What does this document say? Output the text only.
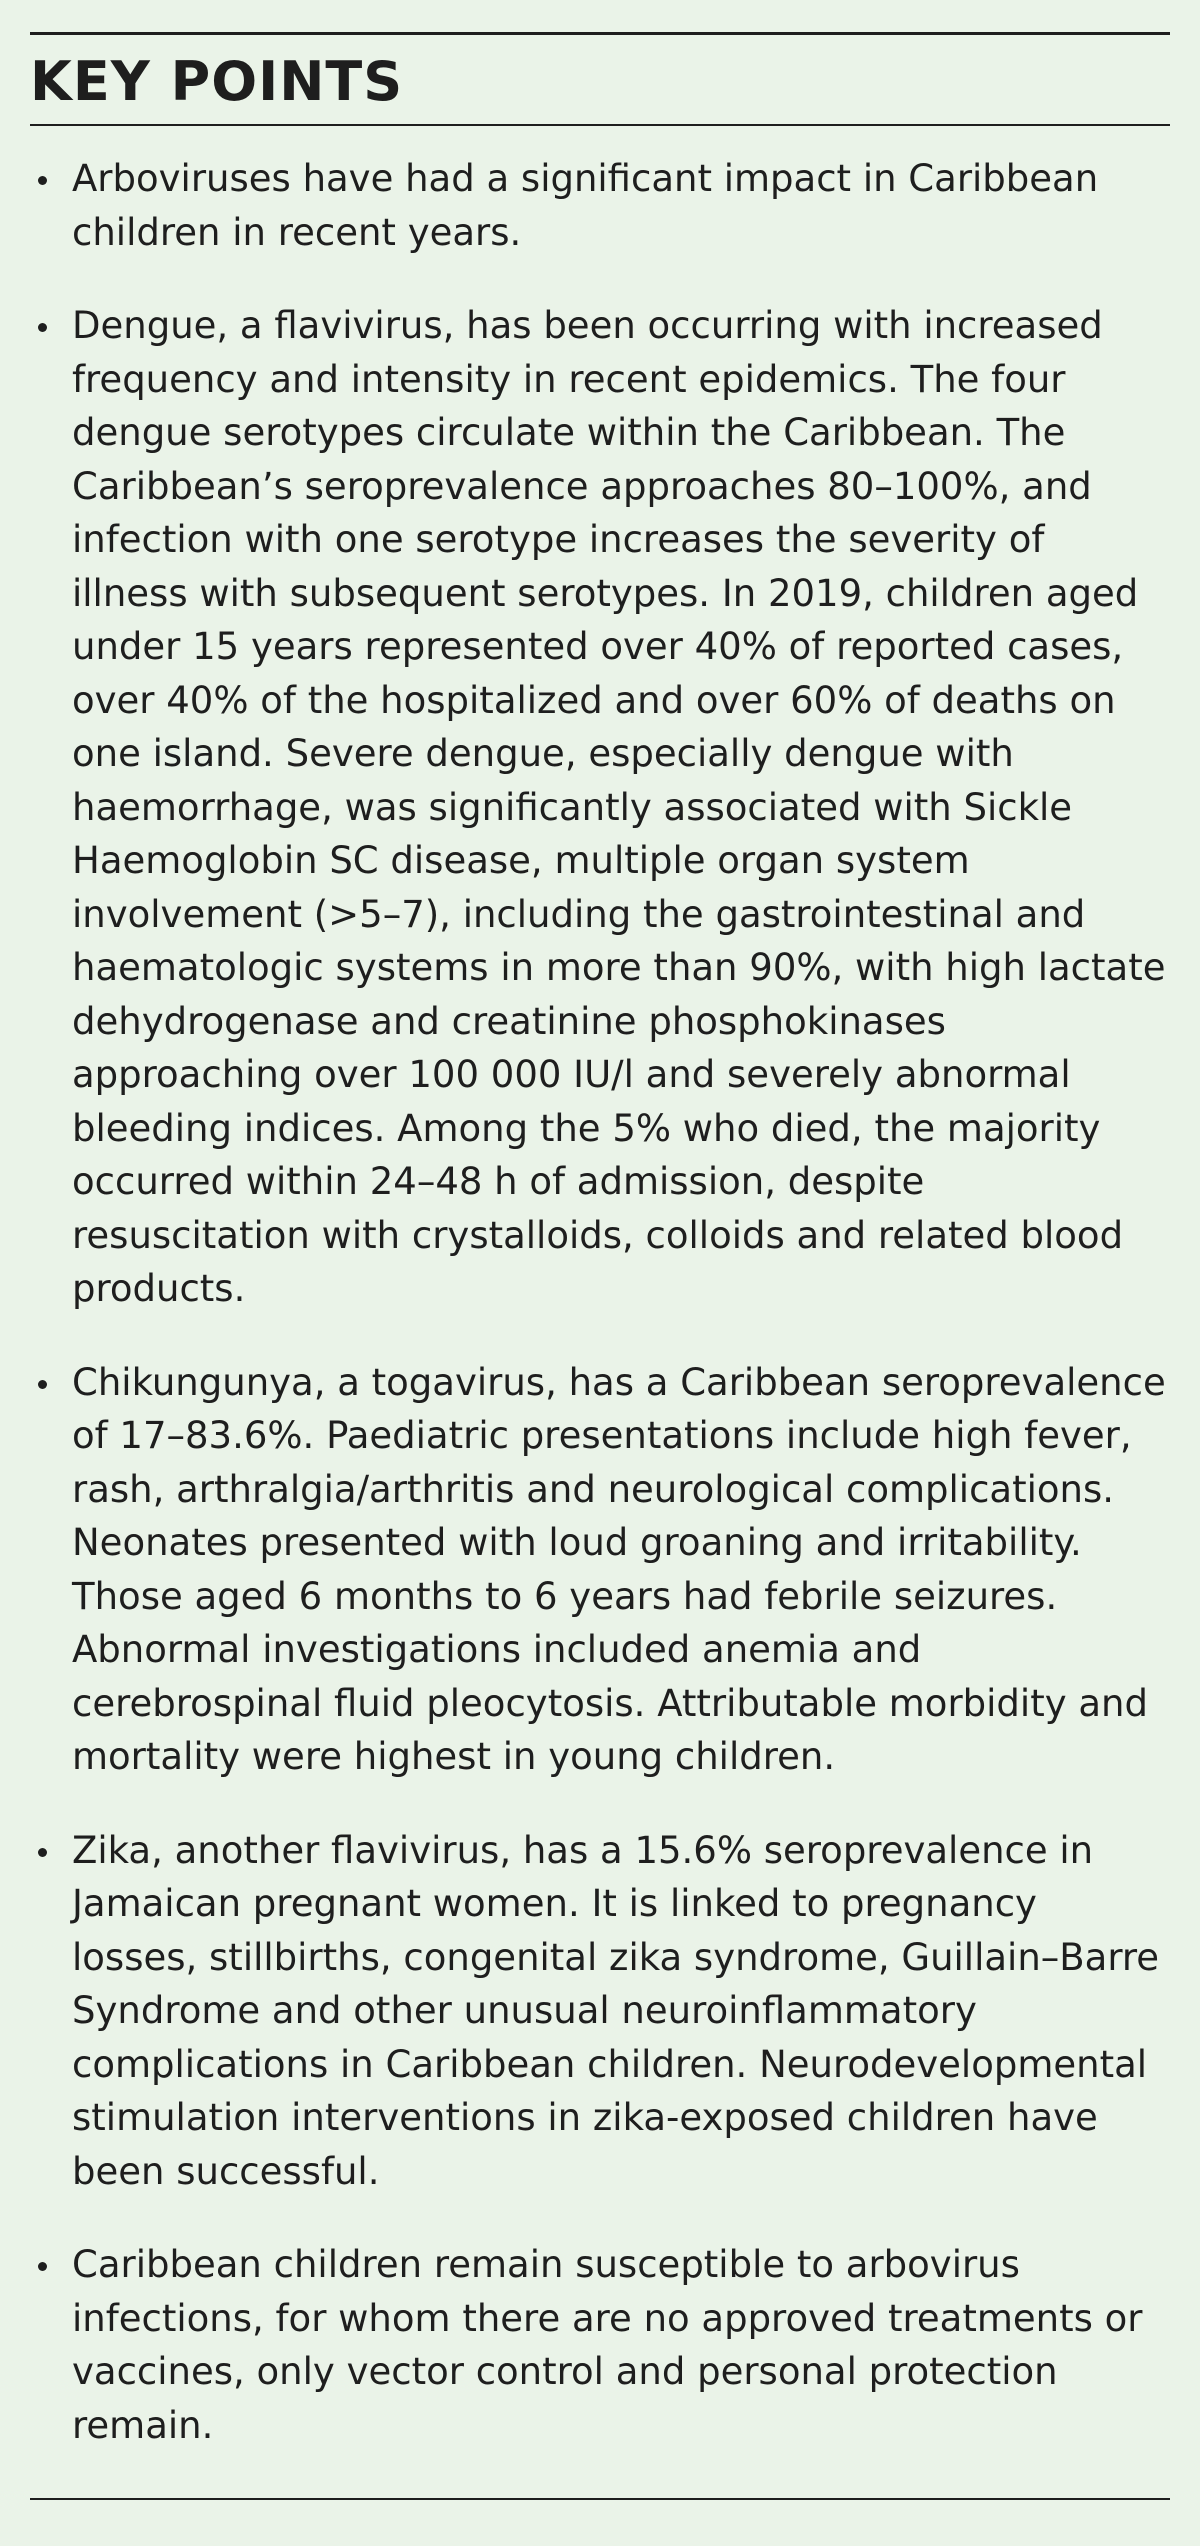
KEY POINTS
Arboviruses have had a significant impact in Caribbean children in recent years.
Dengue, a flavivirus, has been occurring with increased frequency and intensity in recent epidemics. The four dengue serotypes circulate within the Caribbean. The Caribbean’s seroprevalence approaches 80–100%, and infection with one serotype increases the severity of illness with subsequent serotypes. In 2019, children aged under 15 years represented over 40% of reported cases, over 40% of the hospitalized and over 60% of deaths on one island. Severe dengue, especially dengue with haemorrhage, was significantly associated with Sickle Haemoglobin SC disease, multiple organ system involvement (>5–7), including the gastrointestinal and haematologic systems in more than 90%, with high lactate dehydrogenase and creatinine phosphokinases approaching over 100 000 IU/l and severely abnormal bleeding indices. Among the 5% who died, the majority occurred within 24–48 h of admission, despite resuscitation with crystalloids, colloids and related blood products.
Chikungunya, a togavirus, has a Caribbean seroprevalence of 17–83.6%. Paediatric presentations include high fever, rash, arthralgia/arthritis and neurological complications. Neonates presented with loud groaning and irritability. Those aged 6 months to 6 years had febrile seizures. Abnormal investigations included anemia and cerebrospinal fluid pleocytosis. Attributable morbidity and mortality were highest in young children.
Zika, another flavivirus, has a 15.6% seroprevalence in Jamaican pregnant women. It is linked to pregnancy losses, stillbirths, congenital zika syndrome, Guillain–Barre Syndrome and other unusual neuroinflammatory complications in Caribbean children. Neurodevelopmental stimulation interventions in zika-exposed children have been successful.
Caribbean children remain susceptible to arbovirus infections, for whom there are no approved treatments or vaccines, only vector control and personal protection remain.
